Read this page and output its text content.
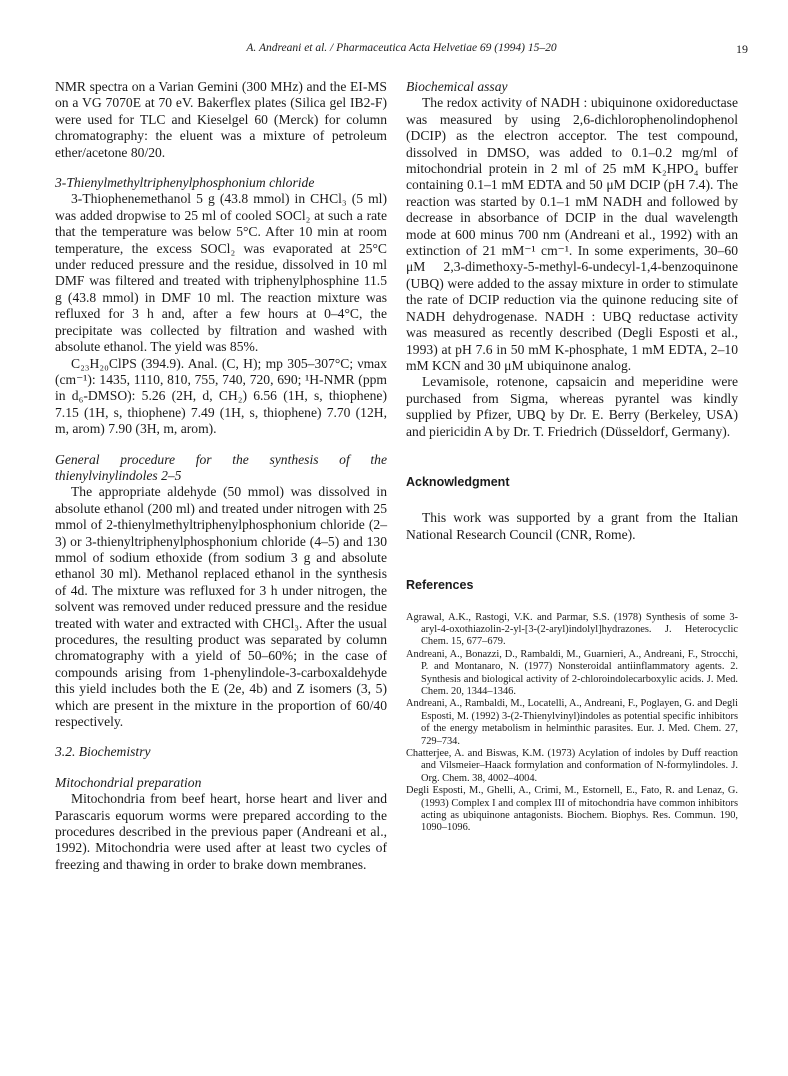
A. Andreani et al. / Pharmaceutica Acta Helvetiae 69 (1994) 15–20	19

NMR spectra on a Varian Gemini (300 MHz) and the EI-MS on a VG 7070E at 70 eV. Bakerflex plates (Silica gel IB2-F) were used for TLC and Kieselgel 60 (Merck) for column chromatography: the eluent was a mixture of petroleum ether/acetone 80/20.

3-Thienylmethyltriphenylphosphonium chloride

3-Thiophenemethanol 5 g (43.8 mmol) in CHCl₃ (5 ml) was added dropwise to 25 ml of cooled SOCl₂ at such a rate that the temperature was below 5°C. After 10 min at room temperature, the excess SOCl₂ was evaporated at 25°C under reduced pressure and the residue, dissolved in 10 ml DMF was filtered and treated with triphenylphosphine 11.5 g (43.8 mmol) in DMF 10 ml. The reaction mixture was refluxed for 3 h and, after a few hours at 0–4°C, the precipitate was collected by filtration and washed with absolute ethanol. The yield was 85%.

C₂₃H₂₀ClPS (394.9). Anal. (C, H); mp 305–307°C; νmax (cm⁻¹): 1435, 1110, 810, 755, 740, 720, 690; ¹H-NMR (ppm in d₆-DMSO): 5.26 (2H, d, CH₂) 6.56 (1H, s, thiophene) 7.15 (1H, s, thiophene) 7.49 (1H, s, thiophene) 7.70 (12H, m, arom) 7.90 (3H, m, arom).

General procedure for the synthesis of the thienylvinylindoles 2–5

The appropriate aldehyde (50 mmol) was dissolved in absolute ethanol (200 ml) and treated under nitrogen with 25 mmol of 2-thienylmethyltriphenylphosphonium chloride (2–3) or 3-thienyltriphenylphosphonium chloride (4–5) and 130 mmol of sodium ethoxide (from sodium 3 g and absolute ethanol 30 ml). Methanol replaced ethanol in the synthesis of 4d. The mixture was refluxed for 3 h under nitrogen, the solvent was removed under reduced pressure and the residue treated with water and extracted with CHCl₃. After the usual procedures, the resulting product was separated by column chromatography with a yield of 50–60%; in the case of compounds arising from 1-phenylindole-3-carboxaldehyde this yield includes both the E (2e, 4b) and Z isomers (3, 5) which are present in the mixture in the proportion of 60/40 respectively.

3.2. Biochemistry

Mitochondrial preparation

Mitochondria from beef heart, horse heart and liver and Parascaris equorum worms were prepared according to the procedures described in the previous paper (Andreani et al., 1992). Mitochondria were used after at least two cycles of freezing and thawing in order to brake down membranes.

Biochemical assay

The redox activity of NADH : ubiquinone oxidoreductase was measured by using 2,6-dichlorophenolindophenol (DCIP) as the electron acceptor. The test compound, dissolved in DMSO, was added to 0.1–0.2 mg/ml of mitochondrial protein in 2 ml of 25 mM K₂HPO₄ buffer containing 0.1–1 mM EDTA and 50 μM DCIP (pH 7.4). The reaction was started by 0.1–1 mM NADH and followed by decrease in absorbance of DCIP in the dual wavelength mode at 600 minus 700 nm (Andreani et al., 1992) with an extinction of 21 mM⁻¹ cm⁻¹. In some experiments, 30–60 μM 2,3-dimethoxy-5-methyl-6-undecyl-1,4-benzoquinone (UBQ) were added to the assay mixture in order to stimulate the rate of DCIP reduction via the quinone reducing site of NADH dehydrogenase. NADH : UBQ reductase activity was measured as recently described (Degli Esposti et al., 1993) at pH 7.6 in 50 mM K-phosphate, 1 mM EDTA, 2–10 mM KCN and 30 μM ubiquinone analog.

Levamisole, rotenone, capsaicin and meperidine were purchased from Sigma, whereas pyrantel was kindly supplied by Pfizer, UBQ by Dr. E. Berry (Berkeley, USA) and piericidin A by Dr. T. Friedrich (Düsseldorf, Germany).

Acknowledgment

This work was supported by a grant from the Italian National Research Council (CNR, Rome).

References

Agrawal, A.K., Rastogi, V.K. and Parmar, S.S. (1978) Synthesis of some 3-aryl-4-oxothiazolin-2-yl-[3-(2-aryl)indolyl]hydrazones. J. Heterocyclic Chem. 15, 677–679.

Andreani, A., Bonazzi, D., Rambaldi, M., Guarnieri, A., Andreani, F., Strocchi, P. and Montanaro, N. (1977) Nonsteroidal antiinflammatory agents. 2. Synthesis and biological activity of 2-chloroindolecarboxylic acids. J. Med. Chem. 20, 1344–1346.

Andreani, A., Rambaldi, M., Locatelli, A., Andreani, F., Poglayen, G. and Degli Esposti, M. (1992) 3-(2-Thienylvinyl)indoles as potential specific inhibitors of the energy metabolism in helminthic parasites. Eur. J. Med. Chem. 27, 729–734.

Chatterjee, A. and Biswas, K.M. (1973) Acylation of indoles by Duff reaction and Vilsmeier–Haack formylation and conformation of N-formylindoles. J. Org. Chem. 38, 4002–4004.

Degli Esposti, M., Ghelli, A., Crimi, M., Estornell, E., Fato, R. and Lenaz, G. (1993) Complex I and complex III of mitochondria have common inhibitors acting as ubiquinone antagonists. Biochem. Biophys. Res. Commun. 190, 1090–1096.
